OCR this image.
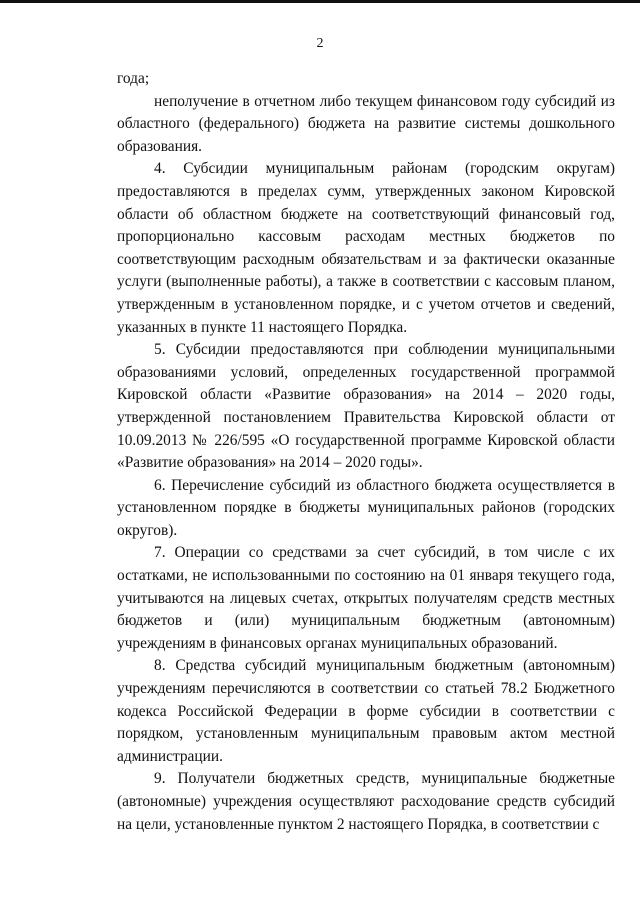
2

года;

неполучение в отчетном либо текущем финансовом году субсидий из областного (федерального) бюджета на развитие системы дошкольного образования.

4. Субсидии муниципальным районам (городским округам) предоставляются в пределах сумм, утвержденных законом Кировской области об областном бюджете на соответствующий финансовый год, пропорционально кассовым расходам местных бюджетов по соответствующим расходным обязательствам и за фактически оказанные услуги (выполненные работы), а также в соответствии с кассовым планом, утвержденным в установленном порядке, и с учетом отчетов и сведений, указанных в пункте 11 настоящего Порядка.

5. Субсидии предоставляются при соблюдении муниципальными образованиями условий, определенных государственной программой Кировской области «Развитие образования» на 2014 – 2020 годы, утвержденной постановлением Правительства Кировской области от 10.09.2013 № 226/595 «О государственной программе Кировской области «Развитие образования» на 2014 – 2020 годы».

6. Перечисление субсидий из областного бюджета осуществляется в установленном порядке в бюджеты муниципальных районов (городских округов).

7. Операции со средствами за счет субсидий, в том числе с их остатками, не использованными по состоянию на 01 января текущего года, учитываются на лицевых счетах, открытых получателям средств местных бюджетов и (или) муниципальным бюджетным (автономным) учреждениям в финансовых органах муниципальных образований.

8. Средства субсидий муниципальным бюджетным (автономным) учреждениям перечисляются в соответствии со статьей 78.2 Бюджетного кодекса Российской Федерации в форме субсидии в соответствии с порядком, установленным муниципальным правовым актом местной администрации.

9. Получатели бюджетных средств, муниципальные бюджетные (автономные) учреждения осуществляют расходование средств субсидий на цели, установленные пунктом 2 настоящего Порядка, в соответствии с
